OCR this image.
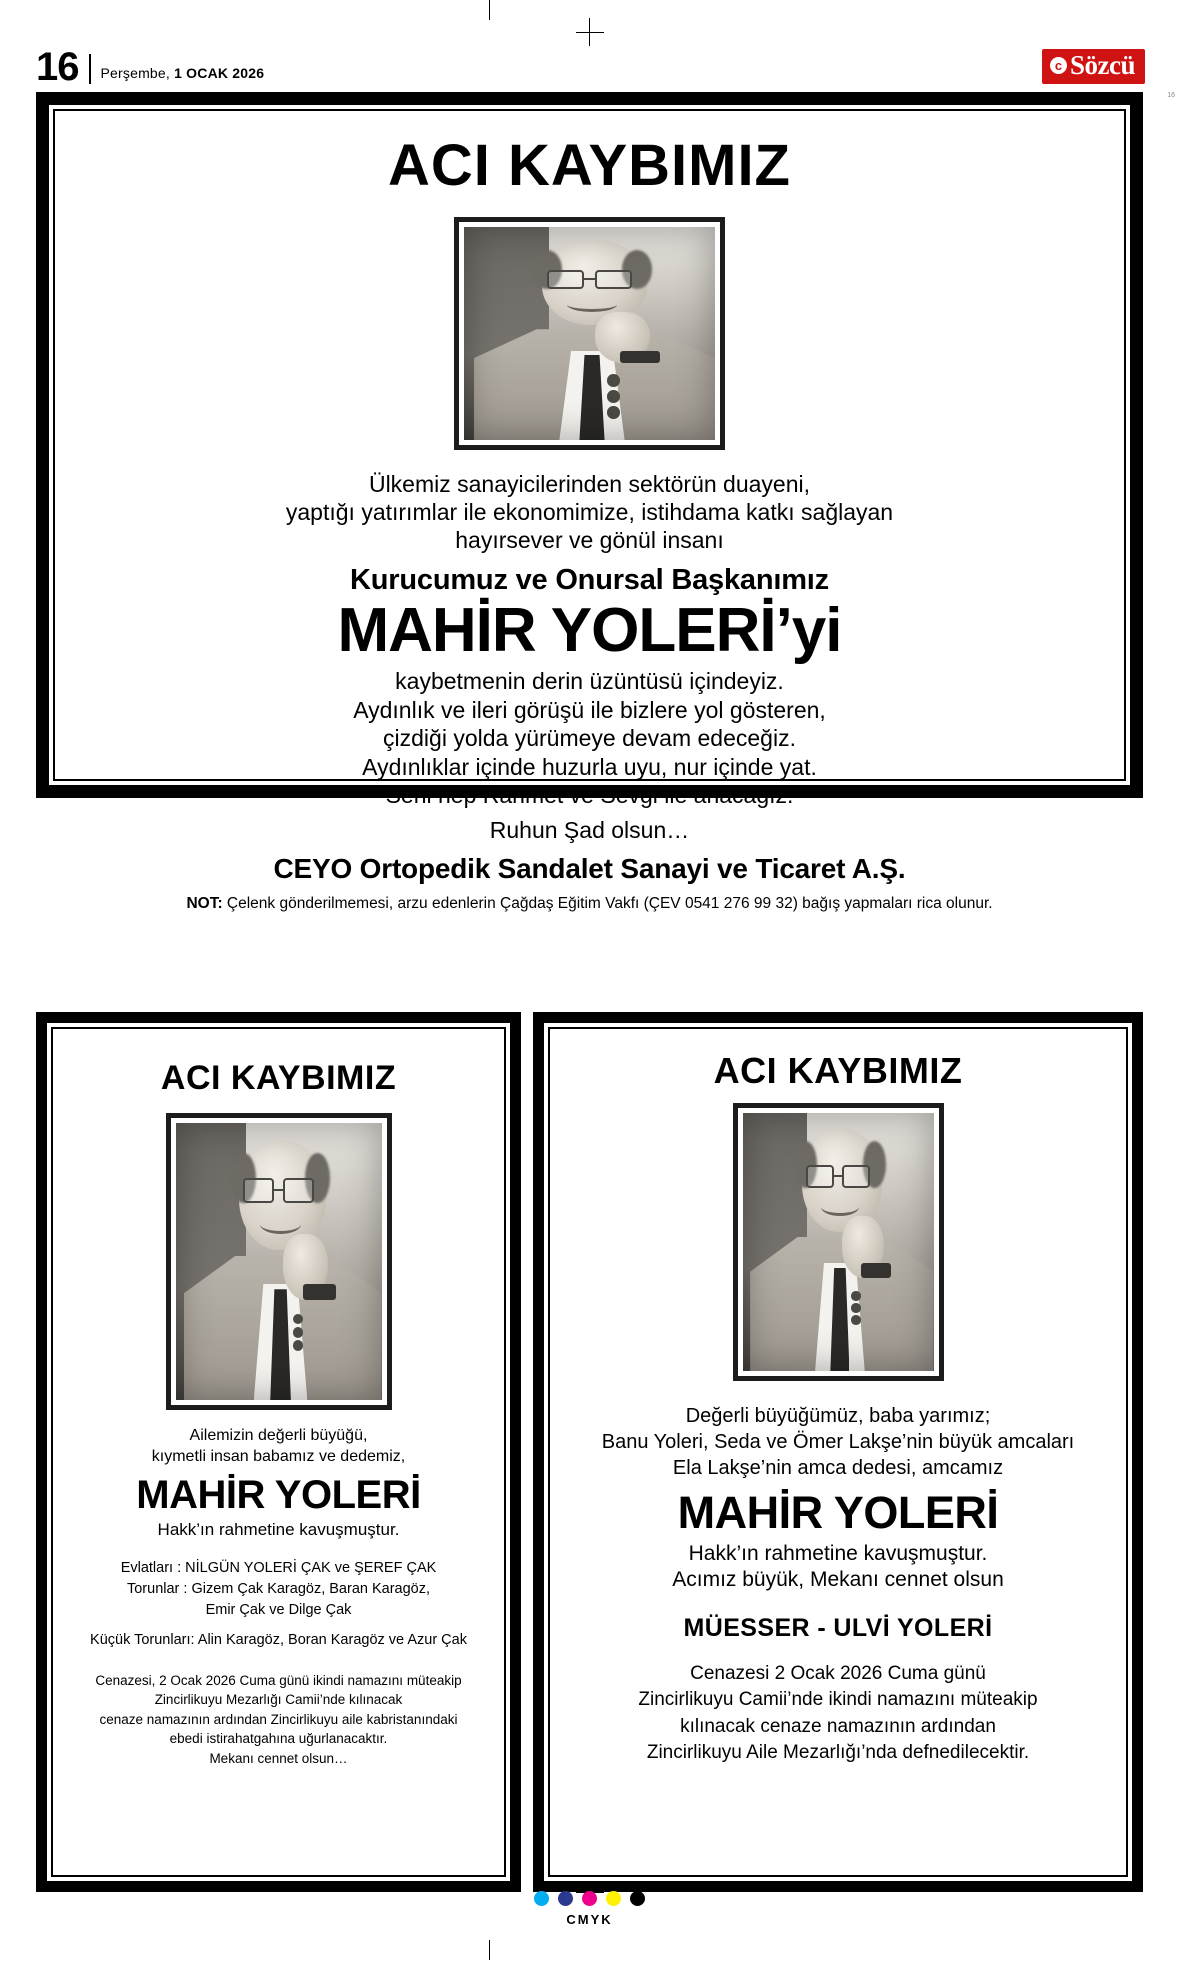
16
16 Perşembe, 1 OCAK 2026	c Sözcü
ACI KAYBIMIZ
Ülkemiz sanayicilerinden sektörün duayeni,
yaptığı yatırımlar ile ekonomimize, istihdama katkı sağlayan
hayırsever ve gönül insanı
Kurucumuz ve Onursal Başkanımız
MAHİR YOLERİ’yi
kaybetmenin derin üzüntüsü içindeyiz.
Aydınlık ve ileri görüşü ile bizlere yol gösteren,
çizdiği yolda yürümeye devam edeceğiz.
Aydınlıklar içinde huzurla uyu, nur içinde yat.
Seni hep Rahmet ve Sevgi ile anacağız.
Ruhun Şad olsun…
CEYO Ortopedik Sandalet Sanayi ve Ticaret A.Ş.
NOT: Çelenk gönderilmemesi, arzu edenlerin Çağdaş Eğitim Vakfı (ÇEV 0541 276 99 32) bağış yapmaları rica olunur.
ACI KAYBIMIZ
Ailemizin değerli büyüğü,
kıymetli insan babamız ve dedemiz,
MAHİR YOLERİ
Hakk’ın rahmetine kavuşmuştur.
Evlatları : NİLGÜN YOLERİ ÇAK ve ŞEREF ÇAK
Torunlar : Gizem Çak Karagöz, Baran Karagöz,
Emir Çak ve Dilge Çak
Küçük Torunları: Alin Karagöz, Boran Karagöz ve Azur Çak
Cenazesi, 2 Ocak 2026 Cuma günü ikindi namazını müteakip
Zincirlikuyu Mezarlığı Camii’nde kılınacak
cenaze namazının ardından Zincirlikuyu aile kabristanındaki
ebedi istirahatgahına uğurlanacaktır.
Mekanı cennet olsun…
ACI KAYBIMIZ
Değerli büyüğümüz, baba yarımız;
Banu Yoleri, Seda ve Ömer Lakşe’nin büyük amcaları
Ela Lakşe’nin amca dedesi, amcamız
MAHİR YOLERİ
Hakk’ın rahmetine kavuşmuştur.
Acımız büyük, Mekanı cennet olsun
MÜESSER - ULVİ YOLERİ
Cenazesi 2 Ocak 2026 Cuma günü
Zincirlikuyu Camii’nde ikindi namazını müteakip
kılınacak cenaze namazının ardından
Zincirlikuyu Aile Mezarlığı’nda defnedilecektir.
C M Y K
